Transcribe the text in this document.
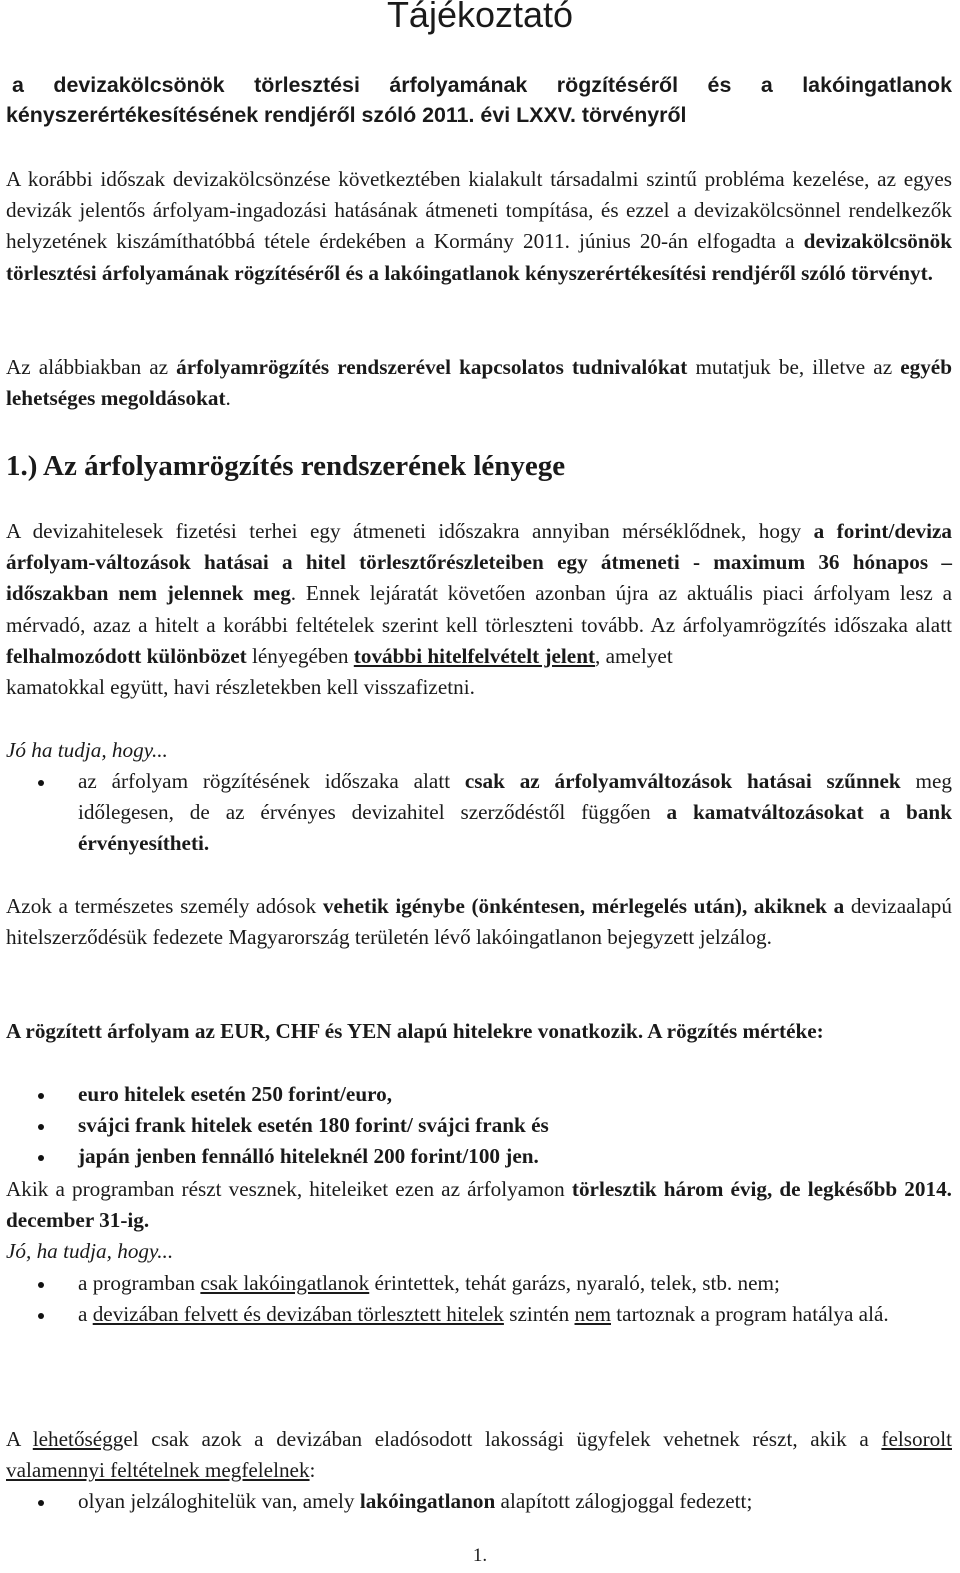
Tájékoztató

a devizakölcsönök törlesztési árfolyamának rögzítéséről és a lakóingatlanok
kényszerértékesítésének rendjéről szóló 2011. évi LXXV. törvényről

A korábbi időszak devizakölcsönzése következtében kialakult társadalmi szintű probléma kezelése, az egyes devizák jelentős árfolyam-ingadozási hatásának átmeneti tompítása, és ezzel a devizakölcsönnel rendelkezők helyzetének kiszámíthatóbbá tétele érdekében a Kormány 2011. június 20-án elfogadta a devizakölcsönök törlesztési árfolyamának rögzítéséről és a lakóingatlanok kényszerértékesítési rendjéről szóló törvényt.

Az alábbiakban az árfolyamrögzítés rendszerével kapcsolatos tudnivalókat mutatjuk be, illetve az egyéb lehetséges megoldásokat.

1.) Az árfolyamrögzítés rendszerének lényege

A devizahitelesek fizetési terhei egy átmeneti időszakra annyiban mérséklődnek, hogy a forint/deviza árfolyam-változások hatásai a hitel törlesztőrészleteiben egy átmeneti - maximum 36 hónapos – időszakban nem jelennek meg. Ennek lejáratát követően azonban újra az aktuális piaci árfolyam lesz a mérvadó, azaz a hitelt a korábbi feltételek szerint kell törleszteni tovább. Az árfolyamrögzítés időszaka alatt felhalmozódott különbözet lényegében további hitelfelvételt jelent, amelyet
kamatokkal együtt, havi részletekben kell visszafizetni.

Jó ha tudja, hogy...

az árfolyam rögzítésének időszaka alatt csak az árfolyamváltozások hatásai szűnnek meg időlegesen, de az érvényes devizahitel szerződéstől függően a kamatváltozásokat a bank érvényesítheti.

Azok a természetes személy adósok vehetik igénybe (önkéntesen, mérlegelés után), akiknek a devizaalapú hitelszerződésük fedezete Magyarország területén lévő lakóingatlanon bejegyzett jelzálog.

A rögzített árfolyam az EUR, CHF és YEN alapú hitelekre vonatkozik. A rögzítés mértéke:

euro hitelek esetén 250 forint/euro,
svájci frank hitelek esetén 180 forint/ svájci frank és
japán jenben fennálló hiteleknél 200 forint/100 jen.

Akik a programban részt vesznek, hiteleiket ezen az árfolyamon törlesztik három évig, de legkésőbb 2014. december 31-ig.

Jó, ha tudja, hogy...

a programban csak lakóingatlanok érintettek, tehát garázs, nyaraló, telek, stb. nem;
a devizában felvett és devizában törlesztett hitelek szintén nem tartoznak a program hatálya alá.

A lehetőséggel csak azok a devizában eladósodott lakossági ügyfelek vehetnek részt, akik a felsorolt valamennyi feltételnek megfelelnek:

olyan jelzáloghitelük van, amely lakóingatlanon alapított zálogjoggal fedezett;
1.
